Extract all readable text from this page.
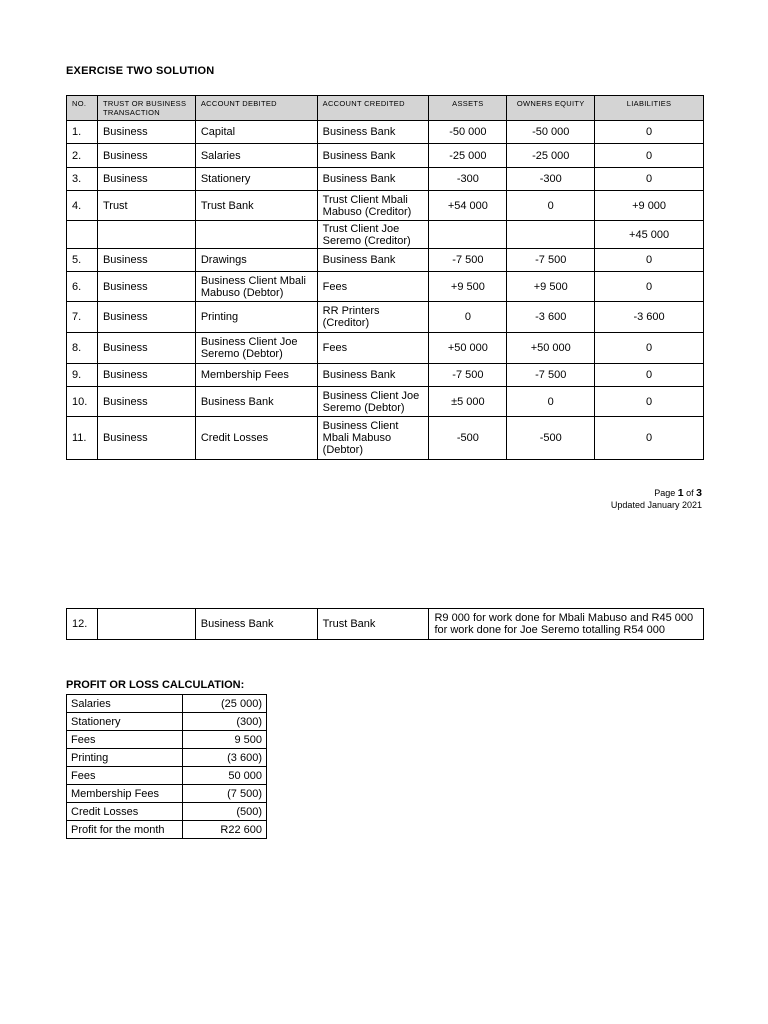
EXERCISE TWO SOLUTION
NO.	TRUST OR BUSINESS TRANSACTION	ACCOUNT DEBITED	ACCOUNT CREDITED	ASSETS	OWNERS EQUITY	LIABILITIES
1.	Business	Capital	Business Bank	-50 000	-50 000	0
2.	Business	Salaries	Business Bank	-25 000	-25 000	0
3.	Business	Stationery	Business Bank	-300	-300	0
4.	Trust	Trust Bank	Trust Client Mbali Mabuso (Creditor)	+54 000	0	+9 000
			Trust Client Joe Seremo (Creditor)			+45 000
5.	Business	Drawings	Business Bank	-7 500	-7 500	0
6.	Business	Business Client Mbali Mabuso (Debtor)	Fees	+9 500	+9 500	0
7.	Business	Printing	RR Printers (Creditor)	0	-3 600	-3 600
8.	Business	Business Client Joe Seremo (Debtor)	Fees	+50 000	+50 000	0
9.	Business	Membership Fees	Business Bank	-7 500	-7 500	0
10.	Business	Business Bank	Business Client Joe Seremo (Debtor)	±5 000	0	0
11.	Business	Credit Losses	Business Client Mbali Mabuso (Debtor)	-500	-500	0
Page 1 of 3
Updated January 2021
12.		Business Bank	Trust Bank	R9 000 for work done for Mbali Mabuso and R45 000 for work done for Joe Seremo totalling R54 000
PROFIT OR LOSS CALCULATION:
Salaries	(25 000)
Stationery	(300)
Fees	9 500
Printing	(3 600)
Fees	50 000
Membership Fees	(7 500)
Credit Losses	(500)
Profit for the month	R22 600
